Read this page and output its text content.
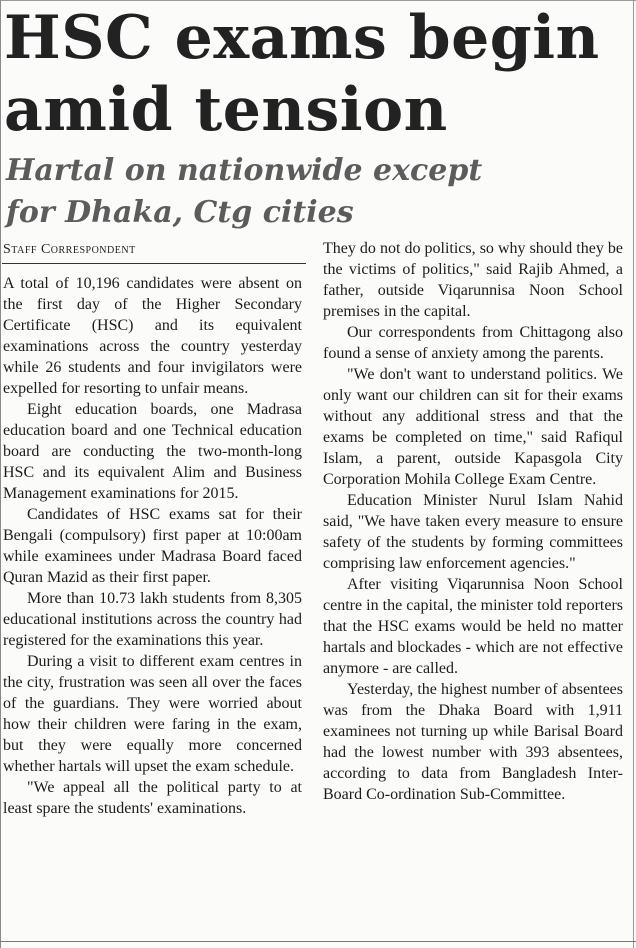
HSC exams begin
amid tension
Hartal on nationwide except
for Dhaka, Ctg cities
Staff Correspondent

A total of 10,196 candidates were absent on the first day of the Higher Secondary Certificate (HSC) and its equivalent examinations across the country yesterday while 26 students and four invigilators were expelled for resorting to unfair means.

Eight education boards, one Madrasa education board and one Technical education board are conducting the two-month-long HSC and its equivalent Alim and Business Management examinations for 2015.

Candidates of HSC exams sat for their Bengali (compulsory) first paper at 10:00am while examinees under Madrasa Board faced Quran Mazid as their first paper.

More than 10.73 lakh students from 8,305 educational institutions across the country had registered for the examinations this year.

During a visit to different exam centres in the city, frustration was seen all over the faces of the guardians. They were worried about how their children were faring in the exam, but they were equally more concerned whether hartals will upset the exam schedule.

"We appeal all the political party to at least spare the students' examinations.

They do not do politics, so why should they be the victims of politics," said Rajib Ahmed, a father, outside Viqarunnisa Noon School premises in the capital.

Our correspondents from Chittagong also found a sense of anxiety among the parents.

"We don't want to understand politics. We only want our children can sit for their exams without any additional stress and that the exams be completed on time," said Rafiqul Islam, a parent, outside Kapasgola City Corporation Mohila College Exam Centre.

Education Minister Nurul Islam Nahid said, "We have taken every measure to ensure safety of the students by forming committees comprising law enforcement agencies."

After visiting Viqarunnisa Noon School centre in the capital, the minister told reporters that the HSC exams would be held no matter hartals and blockades - which are not effective anymore - are called.

Yesterday, the highest number of absentees was from the Dhaka Board with 1,911 examinees not turning up while Barisal Board had the lowest number with 393 absentees, according to data from Bangladesh Inter-Board Co-ordination Sub-Committee.
